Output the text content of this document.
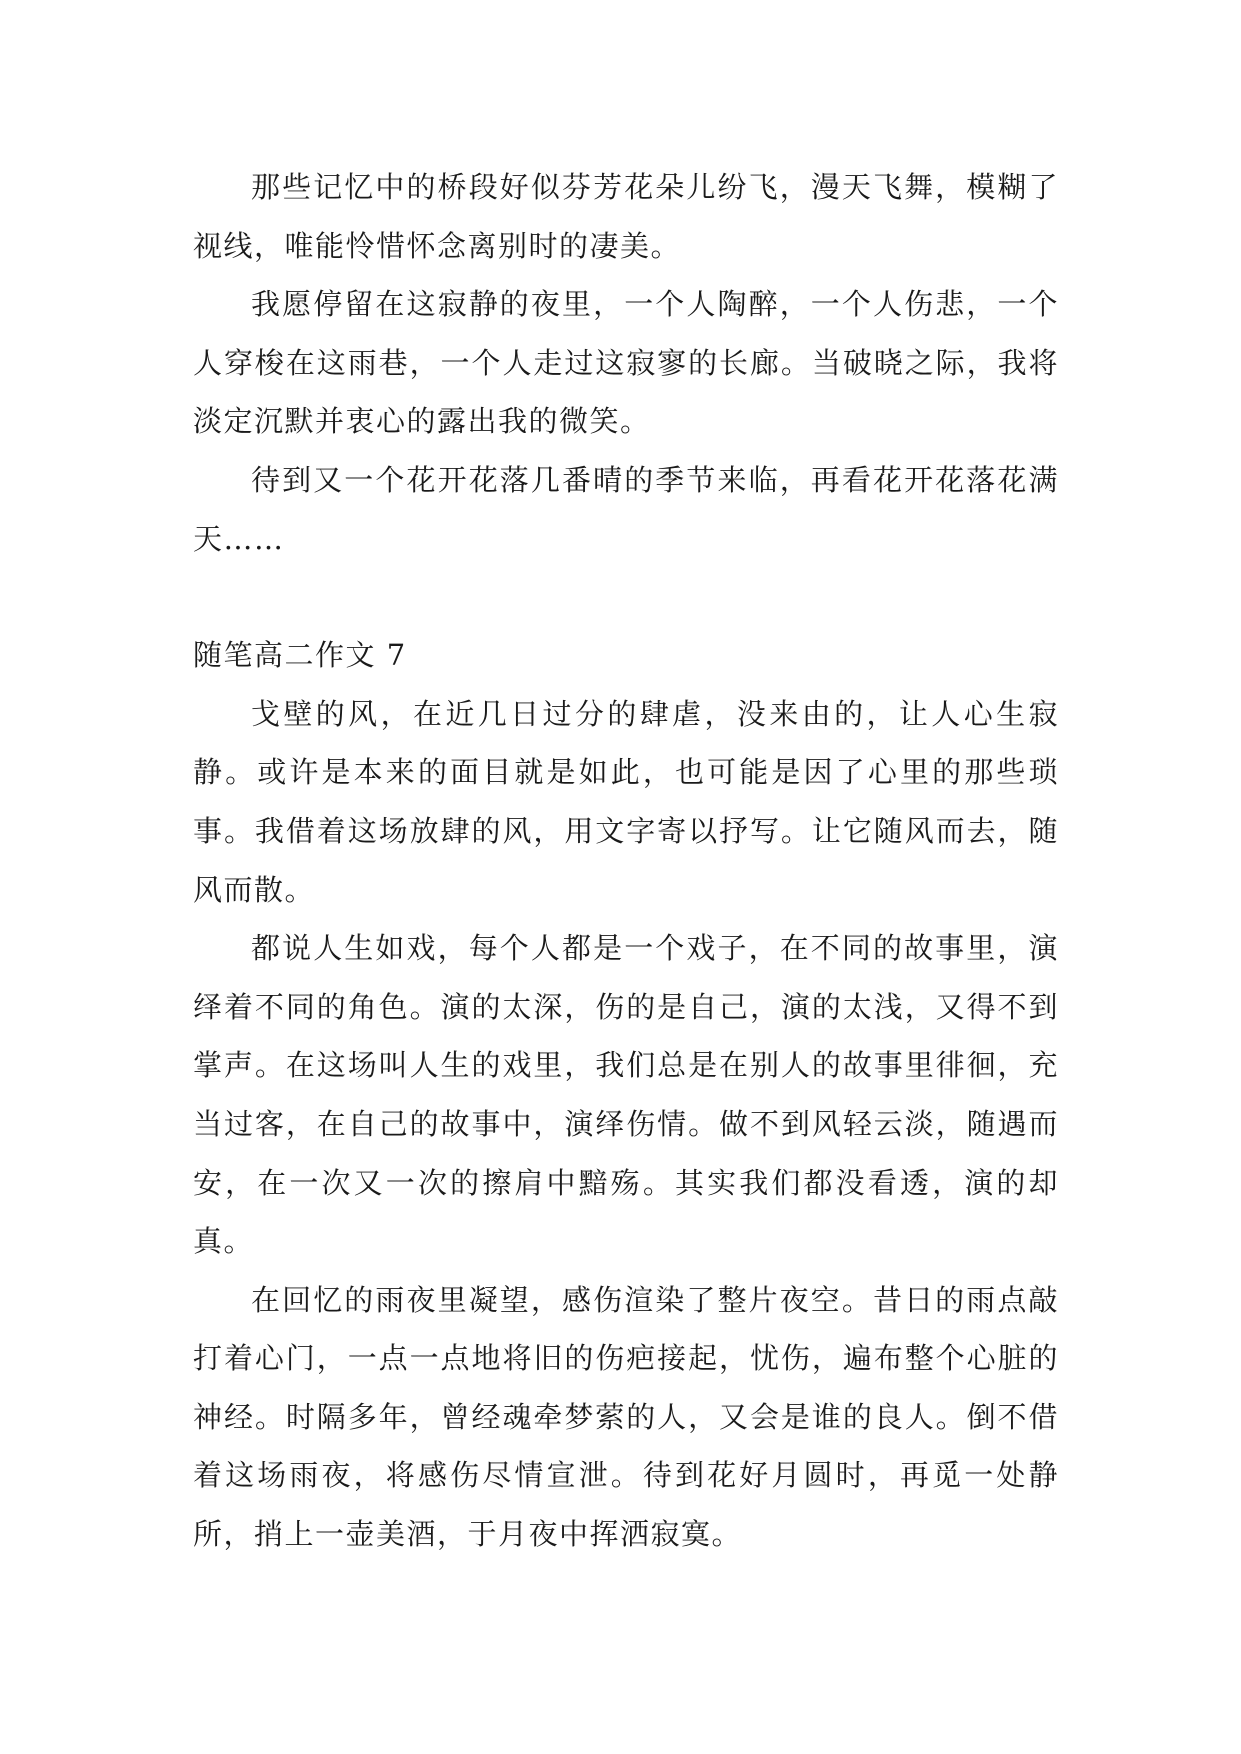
那些记忆中的桥段好似芬芳花朵儿纷飞，漫天飞舞，模糊了视线，唯能怜惜怀念离别时的凄美。

我愿停留在这寂静的夜里，一个人陶醉，一个人伤悲，一个人穿梭在这雨巷，一个人走过这寂寥的长廊。当破晓之际，我将淡定沉默并衷心的露出我的微笑。

待到又一个花开花落几番晴的季节来临，再看花开花落花满天……

随笔高二作文 7

戈壁的风，在近几日过分的肆虐，没来由的，让人心生寂静。或许是本来的面目就是如此，也可能是因了心里的那些琐事。我借着这场放肆的风，用文字寄以抒写。让它随风而去，随风而散。

都说人生如戏，每个人都是一个戏子，在不同的故事里，演绎着不同的角色。演的太深，伤的是自己，演的太浅，又得不到掌声。在这场叫人生的戏里，我们总是在别人的故事里徘徊，充当过客，在自己的故事中，演绎伤情。做不到风轻云淡，随遇而安，在一次又一次的擦肩中黯殇。其实我们都没看透，演的却真。

在回忆的雨夜里凝望，感伤渲染了整片夜空。昔日的雨点敲打着心门，一点一点地将旧的伤疤接起，忧伤，遍布整个心脏的神经。时隔多年，曾经魂牵梦萦的人，又会是谁的良人。倒不借着这场雨夜，将感伤尽情宣泄。待到花好月圆时，再觅一处静所，捎上一壶美酒，于月夜中挥洒寂寞。
